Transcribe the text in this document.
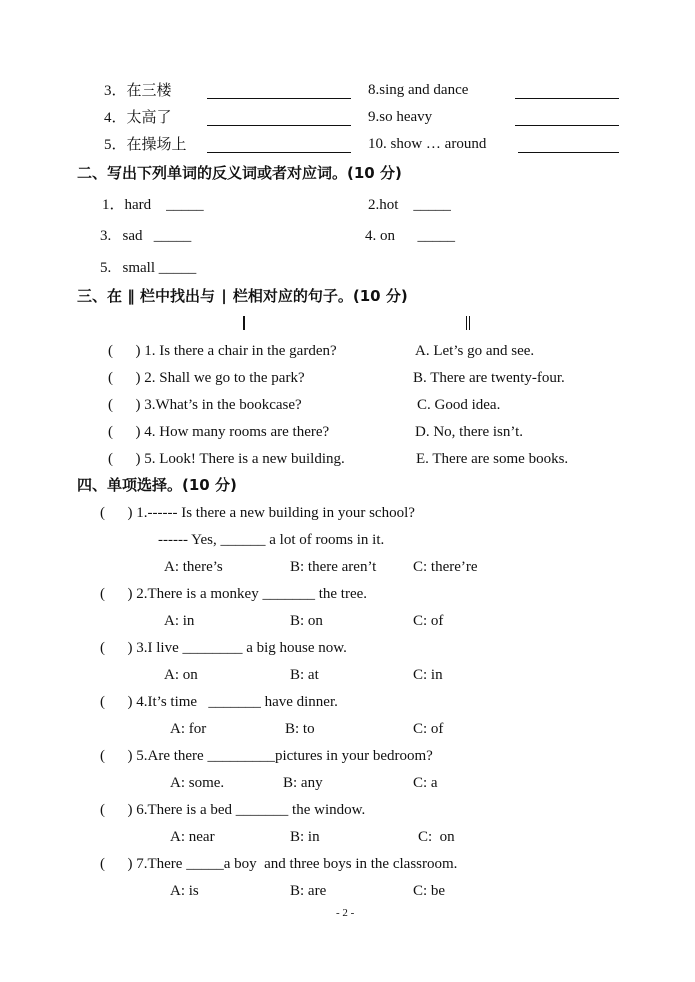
3．在三楼	8.sing and dance
4．太高了	9.so heavy
5．在操场上	10. show … around
二、写出下列单词的反义词或者对应词。(10 分)
1．hard _____	2.hot _____
3.   sad _____	4. on _____
5.   small _____
三、在 ‖ 栏中找出与 ∣ 栏相对应的句子。(10 分)
(      ) 1. Is there a chair in the garden?	A. Let’s go and see.
(      ) 2. Shall we go to the park?	B. There are twenty-four.
(      ) 3.What’s in the bookcase?	C. Good idea.
(      ) 4. How many rooms are there?	D. No, there isn’t.
(      ) 5. Look! There is a new building.	E. There are some books.
四、单项选择。(10 分)
(      ) 1.------ Is there a new building in your school?
------ Yes, ______ a lot of rooms in it.
A: there’s	B: there aren’t C: there’re
(      ) 2.There is a monkey _______ the tree.
A: in	B: on	C: of
(      ) 3.I live ________ a big house now.
A: on	B: at	C: in
(      ) 4.It’s time   _______ have dinner.
A: for	B: to	C: of
(      ) 5.Are there _________pictures in your bedroom?
A: some.	B: any	C: a
(      ) 6.There is a bed _______ the window.
A: near	B: in	C:  on
(      ) 7.There _____a boy  and three boys in the classroom.
A: is	B: are	C: be
- 2 -
